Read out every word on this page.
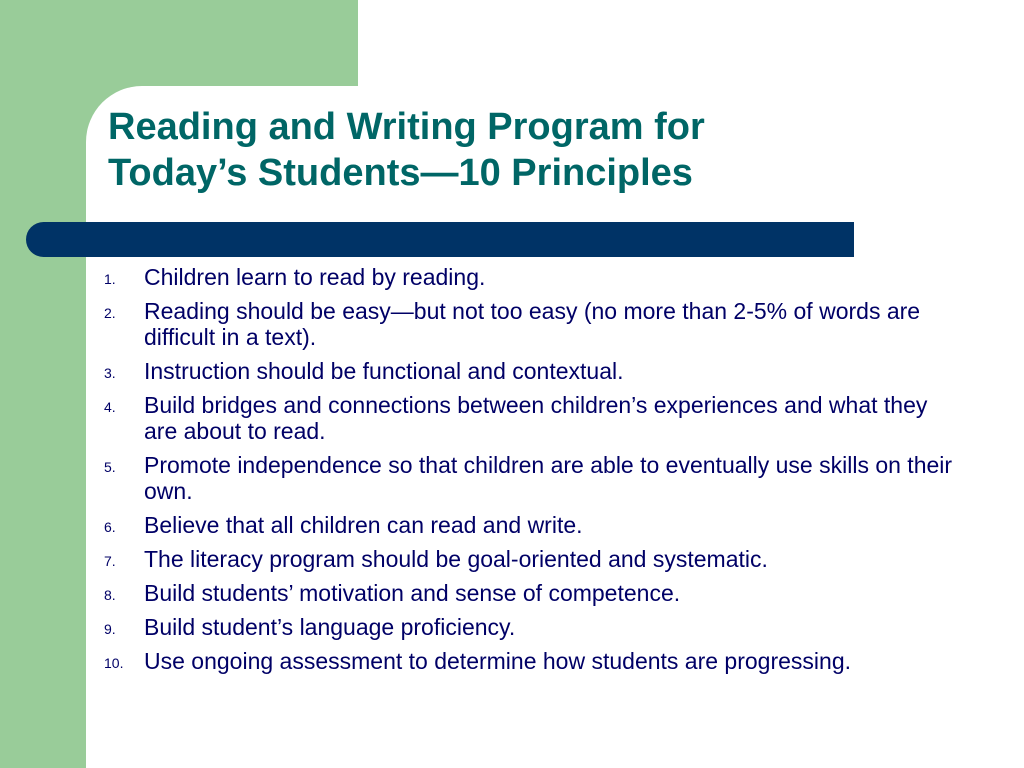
Reading and Writing Program for
Today’s Students—10 Principles
1. Children learn to read by reading.
2. Reading should be easy—but not too easy (no more than 2-5% of words are difficult in a text).
3. Instruction should be functional and contextual.
4. Build bridges and connections between children’s experiences and what they are about to read.
5. Promote independence so that children are able to eventually use skills on their own.
6. Believe that all children can read and write.
7. The literacy program should be goal-oriented and systematic.
8. Build students’ motivation and sense of competence.
9. Build student’s language proficiency.
10. Use ongoing assessment to determine how students are progressing.
